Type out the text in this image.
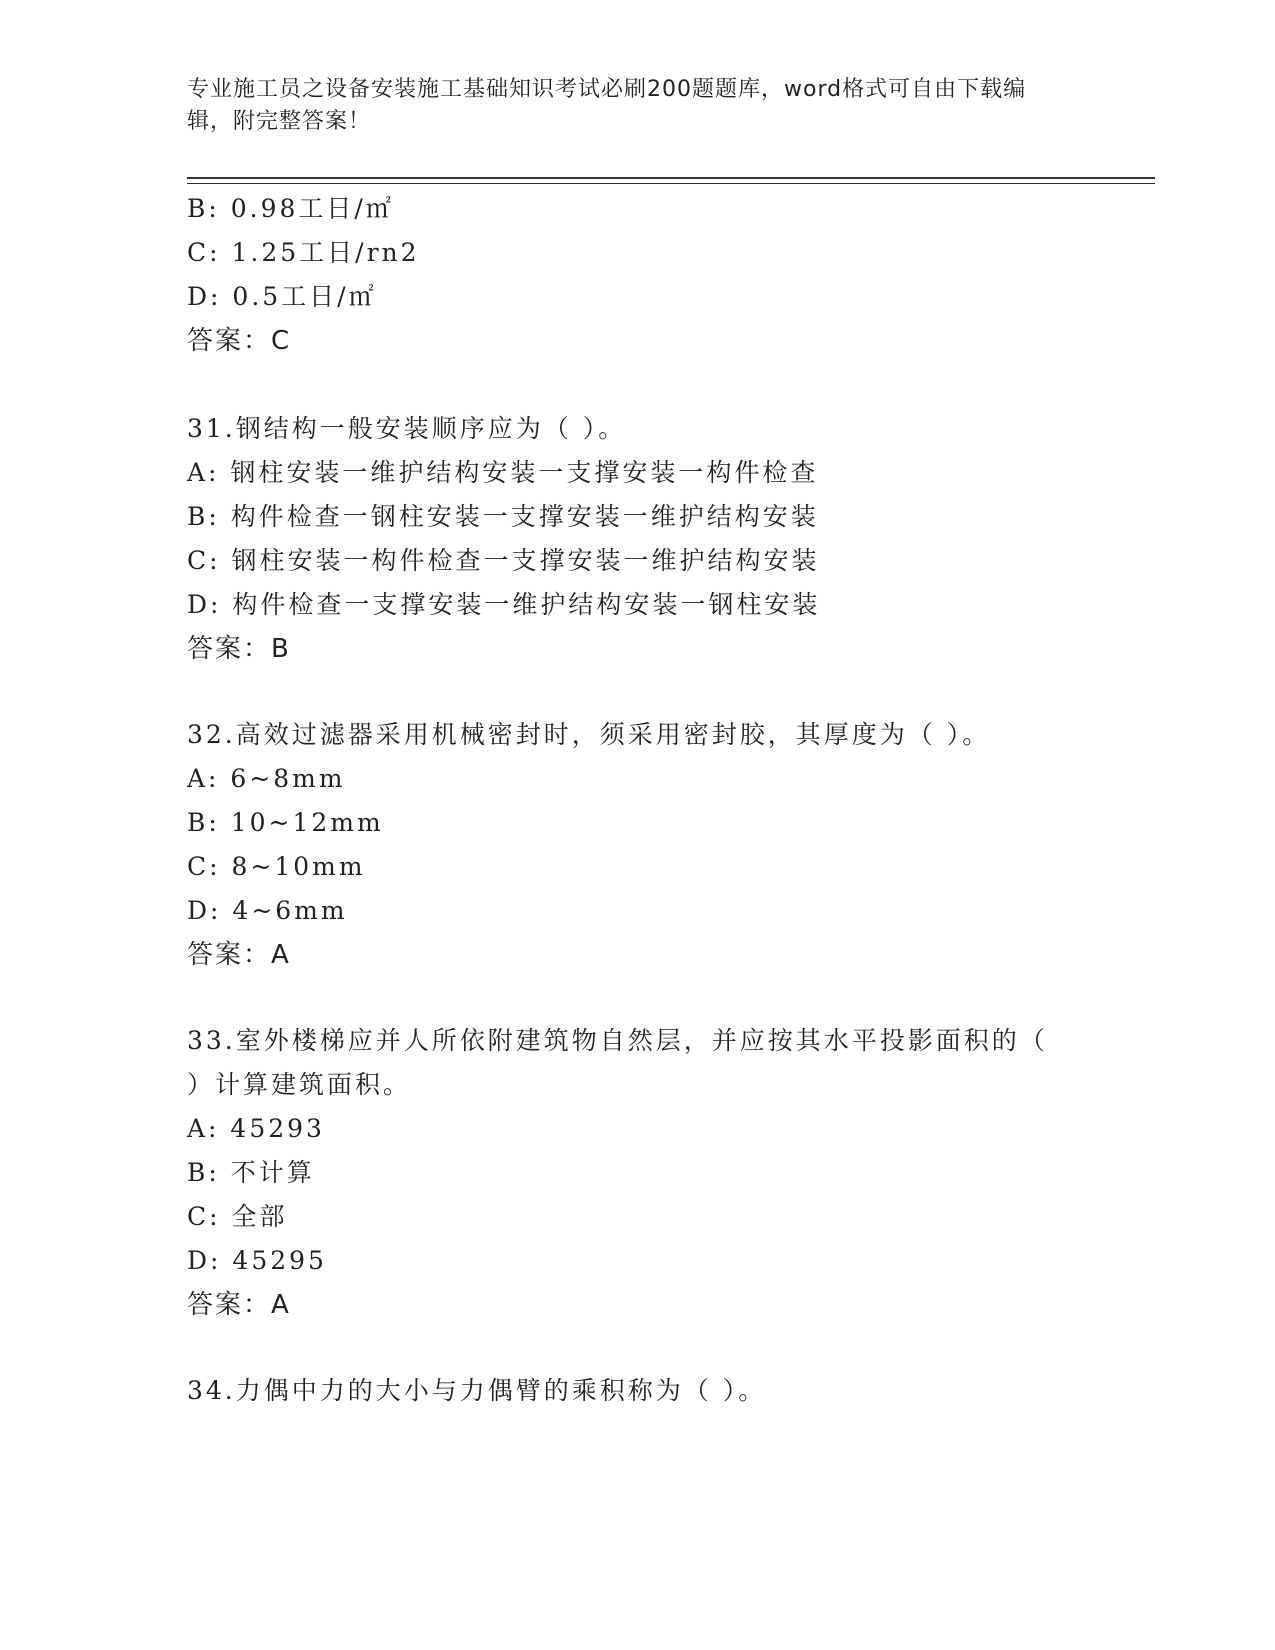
专业施工员之设备安装施工基础知识考试必刷200题题库，word格式可自由下载编辑，附完整答案！
B: 0.98工日/㎡
C: 1.25工日/rn2
D: 0.5工日/㎡
答案：C
31.钢结构一般安装顺序应为（ ）。
A: 钢柱安装一维护结构安装一支撑安装一构件检查
B: 构件检查一钢柱安装一支撑安装一维护结构安装
C: 钢柱安装一构件检查一支撑安装一维护结构安装
D: 构件检查一支撑安装一维护结构安装一钢柱安装
答案：B
32.高效过滤器采用机械密封时，须采用密封胶，其厚度为（ ）。
A: 6~8mm
B: 10~12mm
C: 8~10mm
D: 4~6mm
答案：A
33.室外楼梯应并人所依附建筑物自然层，并应按其水平投影面积的（
）计算建筑面积。
A: 45293
B: 不计算
C: 全部
D: 45295
答案：A
34.力偶中力的大小与力偶臂的乘积称为（ ）。
